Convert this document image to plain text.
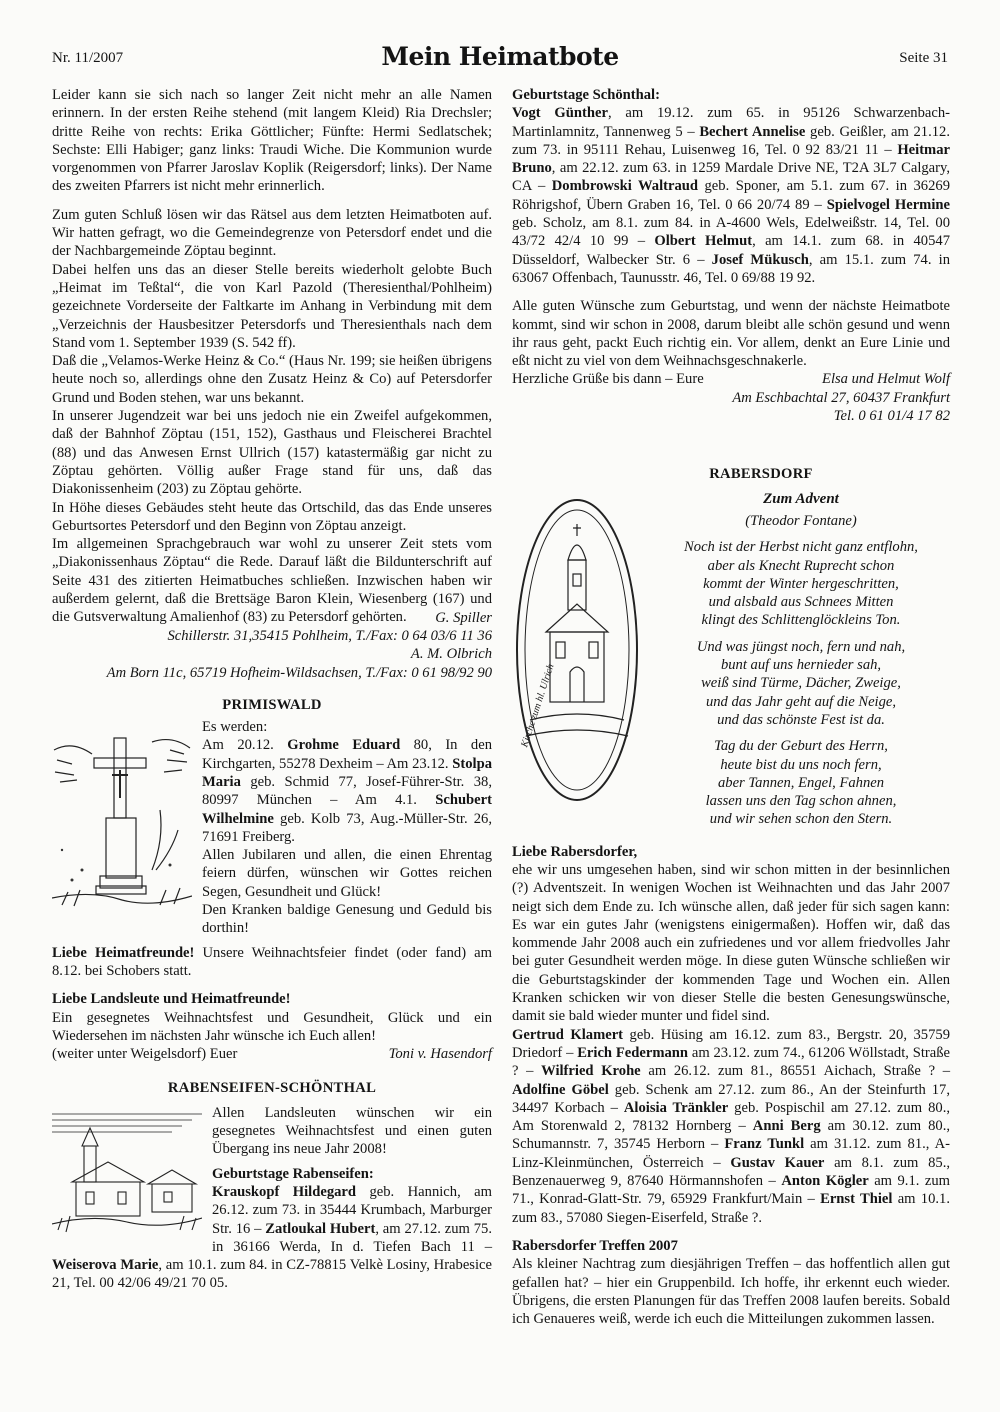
Nr. 11/2007	Mein Heimatbote	Seite 31

Leider kann sie sich nach so langer Zeit nicht mehr an alle Namen erinnern. In der ersten Reihe stehend (mit langem Kleid) Ria Drechsler; dritte Reihe von rechts: Erika Göttlicher; Fünfte: Hermi Sedlatschek; Sechste: Elli Habiger; ganz links: Traudi Wiche. Die Kommunion wurde vorgenommen von Pfarrer Jaroslav Koplik (Reigersdorf; links). Der Name des zweiten Pfarrers ist nicht mehr erinnerlich.

Zum guten Schluß lösen wir das Rätsel aus dem letzten Heimatboten auf. Wir hatten gefragt, wo die Gemeindegrenze von Petersdorf endet und die der Nachbargemeinde Zöptau beginnt.

Dabei helfen uns das an dieser Stelle bereits wiederholt gelobte Buch „Heimat im Teßtal“, die von Karl Pazold (Theresienthal/Pohlheim) gezeichnete Vorderseite der Faltkarte im Anhang in Verbindung mit dem „Verzeichnis der Hausbesitzer Petersdorfs und Theresienthals nach dem Stand vom 1. September 1939 (S. 542 ff).

Daß die „Velamos-Werke Heinz & Co.“ (Haus Nr. 199; sie heißen übrigens heute noch so, allerdings ohne den Zusatz Heinz & Co) auf Petersdorfer Grund und Boden stehen, war uns bekannt.

In unserer Jugendzeit war bei uns jedoch nie ein Zweifel aufgekommen, daß der Bahnhof Zöptau (151, 152), Gasthaus und Fleischerei Brachtel (88) und das Anwesen Ernst Ullrich (157) katastermäßig gar nicht zu Zöptau gehörten. Völlig außer Frage stand für uns, daß das Diakonissenheim (203) zu Zöptau gehörte.

In Höhe dieses Gebäudes steht heute das Ortschild, das das Ende unseres Geburtsortes Petersdorf und den Beginn von Zöptau anzeigt.

Im allgemeinen Sprachgebrauch war wohl zu unserer Zeit stets vom „Diakonissenhaus Zöptau“ die Rede. Darauf läßt die Bildunterschrift auf Seite 431 des zitierten Heimatbuches schließen. Inzwischen haben wir außerdem gelernt, daß die Brettsäge Baron Klein, Wiesenberg (167) und die Gutsverwaltung Amalienhof (83) zu Petersdorf gehörten.	G. Spiller

Schillerstr. 31,35415 Pohlheim, T./Fax: 0 64 03/6 11 36

A. M. Olbrich

Am Born 11c, 65719 Hofheim-Wildsachsen, T./Fax: 0 61 98/92 90

PRIMISWALD

Es werden:

Am 20.12. Grohme Eduard 80, In den Kirchgarten, 55278 Dexheim – Am 23.12. Stolpa Maria geb. Schmid 77, Josef-Führer-Str. 38, 80997 München – Am 4.1. Schubert Wilhelmine geb. Kolb 73, Aug.-Müller-Str. 26, 71691 Freiberg.

Allen Jubilaren und allen, die einen Ehrentag feiern dürfen, wünschen wir Gottes reichen Segen, Gesundheit und Glück!

Den Kranken baldige Genesung und Geduld bis dorthin!

Liebe Heimatfreunde! Unsere Weihnachtsfeier findet (oder fand) am 8.12. bei Schobers statt.

Liebe Landsleute und Heimatfreunde!

Ein gesegnetes Weihnachtsfest und Gesundheit, Glück und ein Wiedersehen im nächsten Jahr wünsche ich Euch allen!

(weiter unter Weigelsdorf) Euer	Toni v. Hasendorf

RABENSEIFEN-SCHÖNTHAL

Allen Landsleuten wünschen wir ein gesegnetes Weihnachtsfest und einen guten Übergang ins neue Jahr 2008!

Geburtstage Rabenseifen:

Krauskopf Hildegard geb. Hannich, am 26.12. zum 73. in 35444 Krumbach, Marburger Str. 16 – Zatloukal Hubert, am 27.12. zum 75. in 36166 Werda, In d. Tiefen Bach 11 – Weiserova Marie, am 10.1. zum 84. in CZ-78815 Velkè Losiny, Hrabesice 21, Tel. 00 42/06 49/21 70 05.

Geburtstage Schönthal:

Vogt Günther, am 19.12. zum 65. in 95126 Schwarzenbach-Martinlamnitz, Tannenweg 5 – Bechert Annelise geb. Geißler, am 21.12. zum 73. in 95111 Rehau, Luisenweg 16, Tel. 0 92 83/21 11 – Heitmar Bruno, am 22.12. zum 63. in 1259 Mardale Drive NE, T2A 3L7 Calgary, CA – Dombrowski Waltraud geb. Sponer, am 5.1. zum 67. in 36269 Röhrigshof, Übern Graben 16, Tel. 0 66 20/74 89 – Spielvogel Hermine geb. Scholz, am 8.1. zum 84. in A-4600 Wels, Edelweißstr. 14, Tel. 00 43/72 42/4 10 99 – Olbert Helmut, am 14.1. zum 68. in 40547 Düsseldorf, Walbecker Str. 6 – Josef Mükusch, am 15.1. zum 74. in 63067 Offenbach, Taunusstr. 46, Tel. 0 69/88 19 92.

Alle guten Wünsche zum Geburtstag, und wenn der nächste Heimatbote kommt, sind wir schon in 2008, darum bleibt alle schön gesund und wenn ihr raus geht, packt Euch richtig ein. Vor allem, denkt an Eure Linie und eßt nicht zu viel von dem Weihnachsgeschnakerle.

Herzliche Grüße bis dann – Eure	Elsa und Helmut Wolf

Am Eschbachtal 27, 60437 Frankfurt

Tel. 0 61 01/4 17 82

RABERSDORF

Kirche zum hl. Ulrich

Zum Advent

(Theodor Fontane)

Noch ist der Herbst nicht ganz entflohn,

aber als Knecht Ruprecht schon

kommt der Winter hergeschritten,

und alsbald aus Schnees Mitten

klingt des Schlittenglöckleins Ton.

Und was jüngst noch, fern und nah,

bunt auf uns hernieder sah,

weiß sind Türme, Dächer, Zweige,

und das Jahr geht auf die Neige,

und das schönste Fest ist da.

Tag du der Geburt des Herrn,

heute bist du uns noch fern,

aber Tannen, Engel, Fahnen

lassen uns den Tag schon ahnen,

und wir sehen schon den Stern.

Liebe Rabersdorfer,

ehe wir uns umgesehen haben, sind wir schon mitten in der besinnlichen (?) Adventszeit. In wenigen Wochen ist Weihnachten und das Jahr 2007 neigt sich dem Ende zu. Ich wünsche allen, daß jeder für sich sagen kann: Es war ein gutes Jahr (wenigstens einigermaßen). Hoffen wir, daß das kommende Jahr 2008 auch ein zufriedenes und vor allem friedvolles Jahr bei guter Gesundheit werden möge. In diese guten Wünsche schließen wir die Geburtstagskinder der kommenden Tage und Wochen ein. Allen Kranken schicken wir von dieser Stelle die besten Genesungswünsche, damit sie bald wieder munter und fidel sind.

Gertrud Klamert geb. Hüsing am 16.12. zum 83., Bergstr. 20, 35759 Driedorf – Erich Federmann am 23.12. zum 74., 61206 Wöllstadt, Straße ? – Wilfried Krohe am 26.12. zum 81., 86551 Aichach, Straße ? – Adolfine Göbel geb. Schenk am 27.12. zum 86., An der Steinfurth 17, 34497 Korbach – Aloisia Tränkler geb. Pospischil am 27.12. zum 80., Am Storenwald 2, 78132 Hornberg – Anni Berg am 30.12. zum 80., Schumannstr. 7, 35745 Herborn – Franz Tunkl am 31.12. zum 81., A-Linz-Kleinmünchen, Österreich – Gustav Kauer am 8.1. zum 85., Benzenauerweg 9, 87640 Hörmannshofen – Anton Kögler am 9.1. zum 71., Konrad-Glatt-Str. 79, 65929 Frankfurt/Main – Ernst Thiel am 10.1. zum 83., 57080 Siegen-Eiserfeld, Straße ?.

Rabersdorfer Treffen 2007

Als kleiner Nachtrag zum diesjährigen Treffen – das hoffentlich allen gut gefallen hat? – hier ein Gruppenbild. Ich hoffe, ihr erkennt euch wieder. Übrigens, die ersten Planungen für das Treffen 2008 laufen bereits. Sobald ich Genaueres weiß, werde ich euch die Mitteilungen zukommen lassen.
